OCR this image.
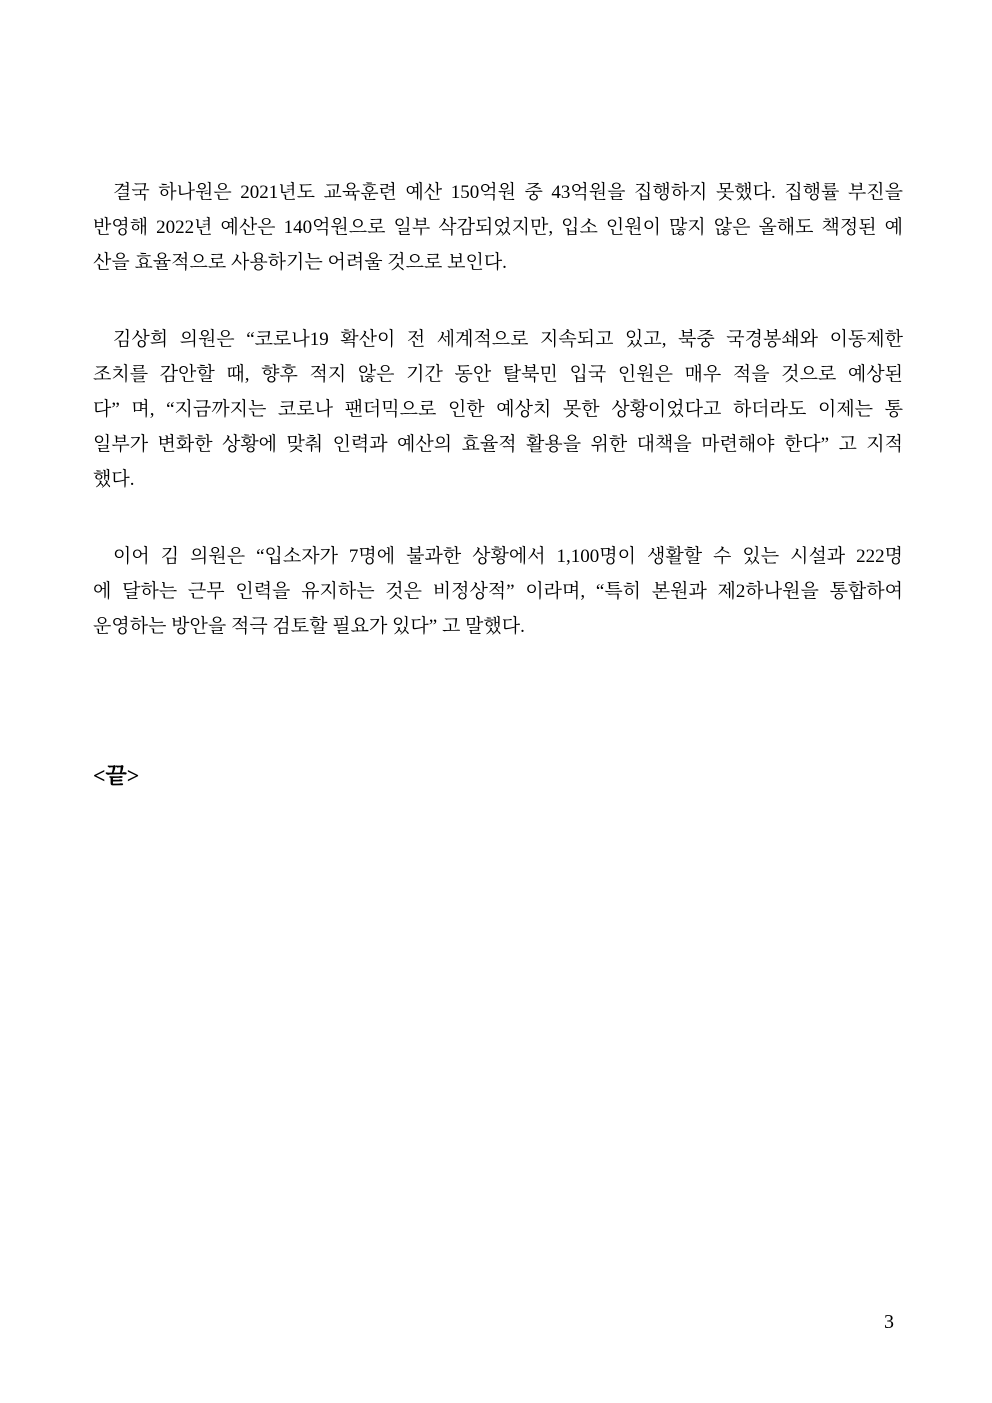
결국 하나원은 2021년도 교육훈련 예산 150억원 중 43억원을 집행하지 못했다. 집행률 부진을
반영해 2022년 예산은 140억원으로 일부 삭감되었지만, 입소 인원이 많지 않은 올해도 책정된 예
산을 효율적으로 사용하기는 어려울 것으로 보인다.

김상희 의원은 “코로나19 확산이 전 세계적으로 지속되고 있고, 북중 국경봉쇄와 이동제한
조치를 감안할 때, 향후 적지 않은 기간 동안 탈북민 입국 인원은 매우 적을 것으로 예상된
다” 며, “지금까지는 코로나 팬더믹으로 인한 예상치 못한 상황이었다고 하더라도 이제는 통
일부가 변화한 상황에 맞춰 인력과 예산의 효율적 활용을 위한 대책을 마련해야 한다” 고 지적
했다.

이어 김 의원은 “입소자가 7명에 불과한 상황에서 1,100명이 생활할 수 있는 시설과 222명
에 달하는 근무 인력을 유지하는 것은 비정상적” 이라며, “특히 본원과 제2하나원을 통합하여
운영하는 방안을 적극 검토할 필요가 있다” 고 말했다.

<끝>
3
